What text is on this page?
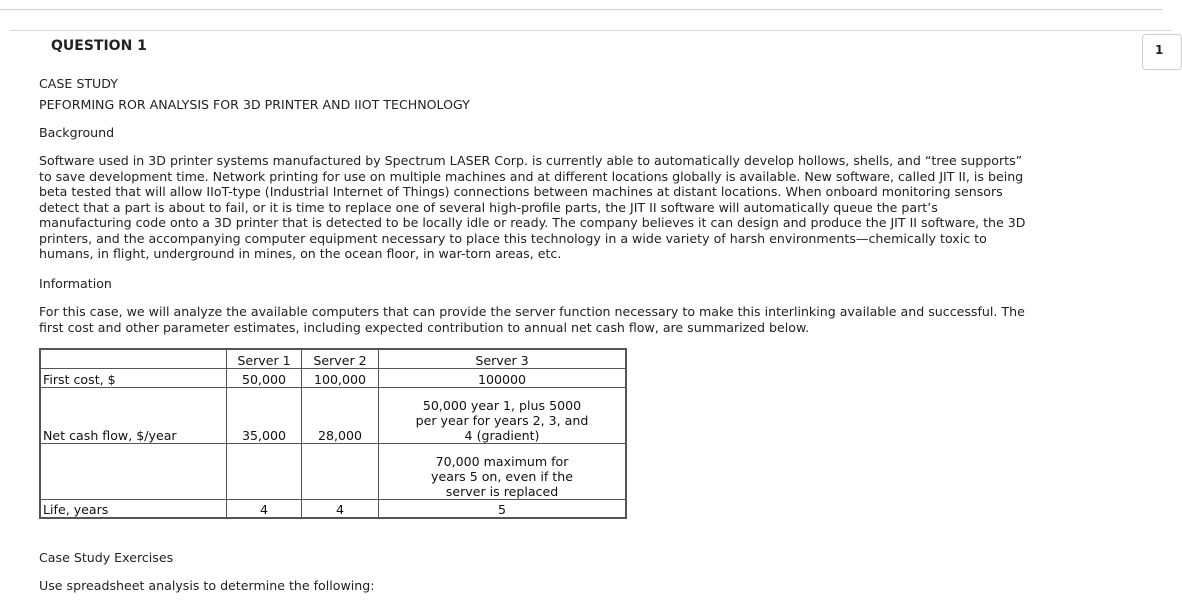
QUESTION 1	1
CASE STUDY
PEFORMING ROR ANALYSIS FOR 3D PRINTER AND IIOT TECHNOLOGY
Background
Software used in 3D printer systems manufactured by Spectrum LASER Corp. is currently able to automatically develop hollows, shells, and “tree supports” to save development time. Network printing for use on multiple machines and at different locations globally is available. New software, called JIT II, is being beta tested that will allow IIoT-type (Industrial Internet of Things) connections between machines at distant locations. When onboard monitoring sensors detect that a part is about to fail, or it is time to replace one of several high-profile parts, the JIT II software will automatically queue the part’s manufacturing code onto a 3D printer that is detected to be locally idle or ready. The company believes it can design and produce the JIT II software, the 3D printers, and the accompanying computer equipment necessary to place this technology in a wide variety of harsh environments—chemically toxic to humans, in flight, underground in mines, on the ocean floor, in war-torn areas, etc.
Information
For this case, we will analyze the available computers that can provide the server function necessary to make this interlinking available and successful. The first cost and other parameter estimates, including expected contribution to annual net cash flow, are summarized below.
	Server 1	Server 2	Server 3
First cost, $	50,000	100,000	100000
Net cash flow, $/year	35,000	28,000	50,000 year 1, plus 5000 per year for years 2, 3, and 4 (gradient)

			70,000 maximum for years 5 on, even if the server is replaced

Life, years	4	4	5
Case Study Exercises
Use spreadsheet analysis to determine the following:
